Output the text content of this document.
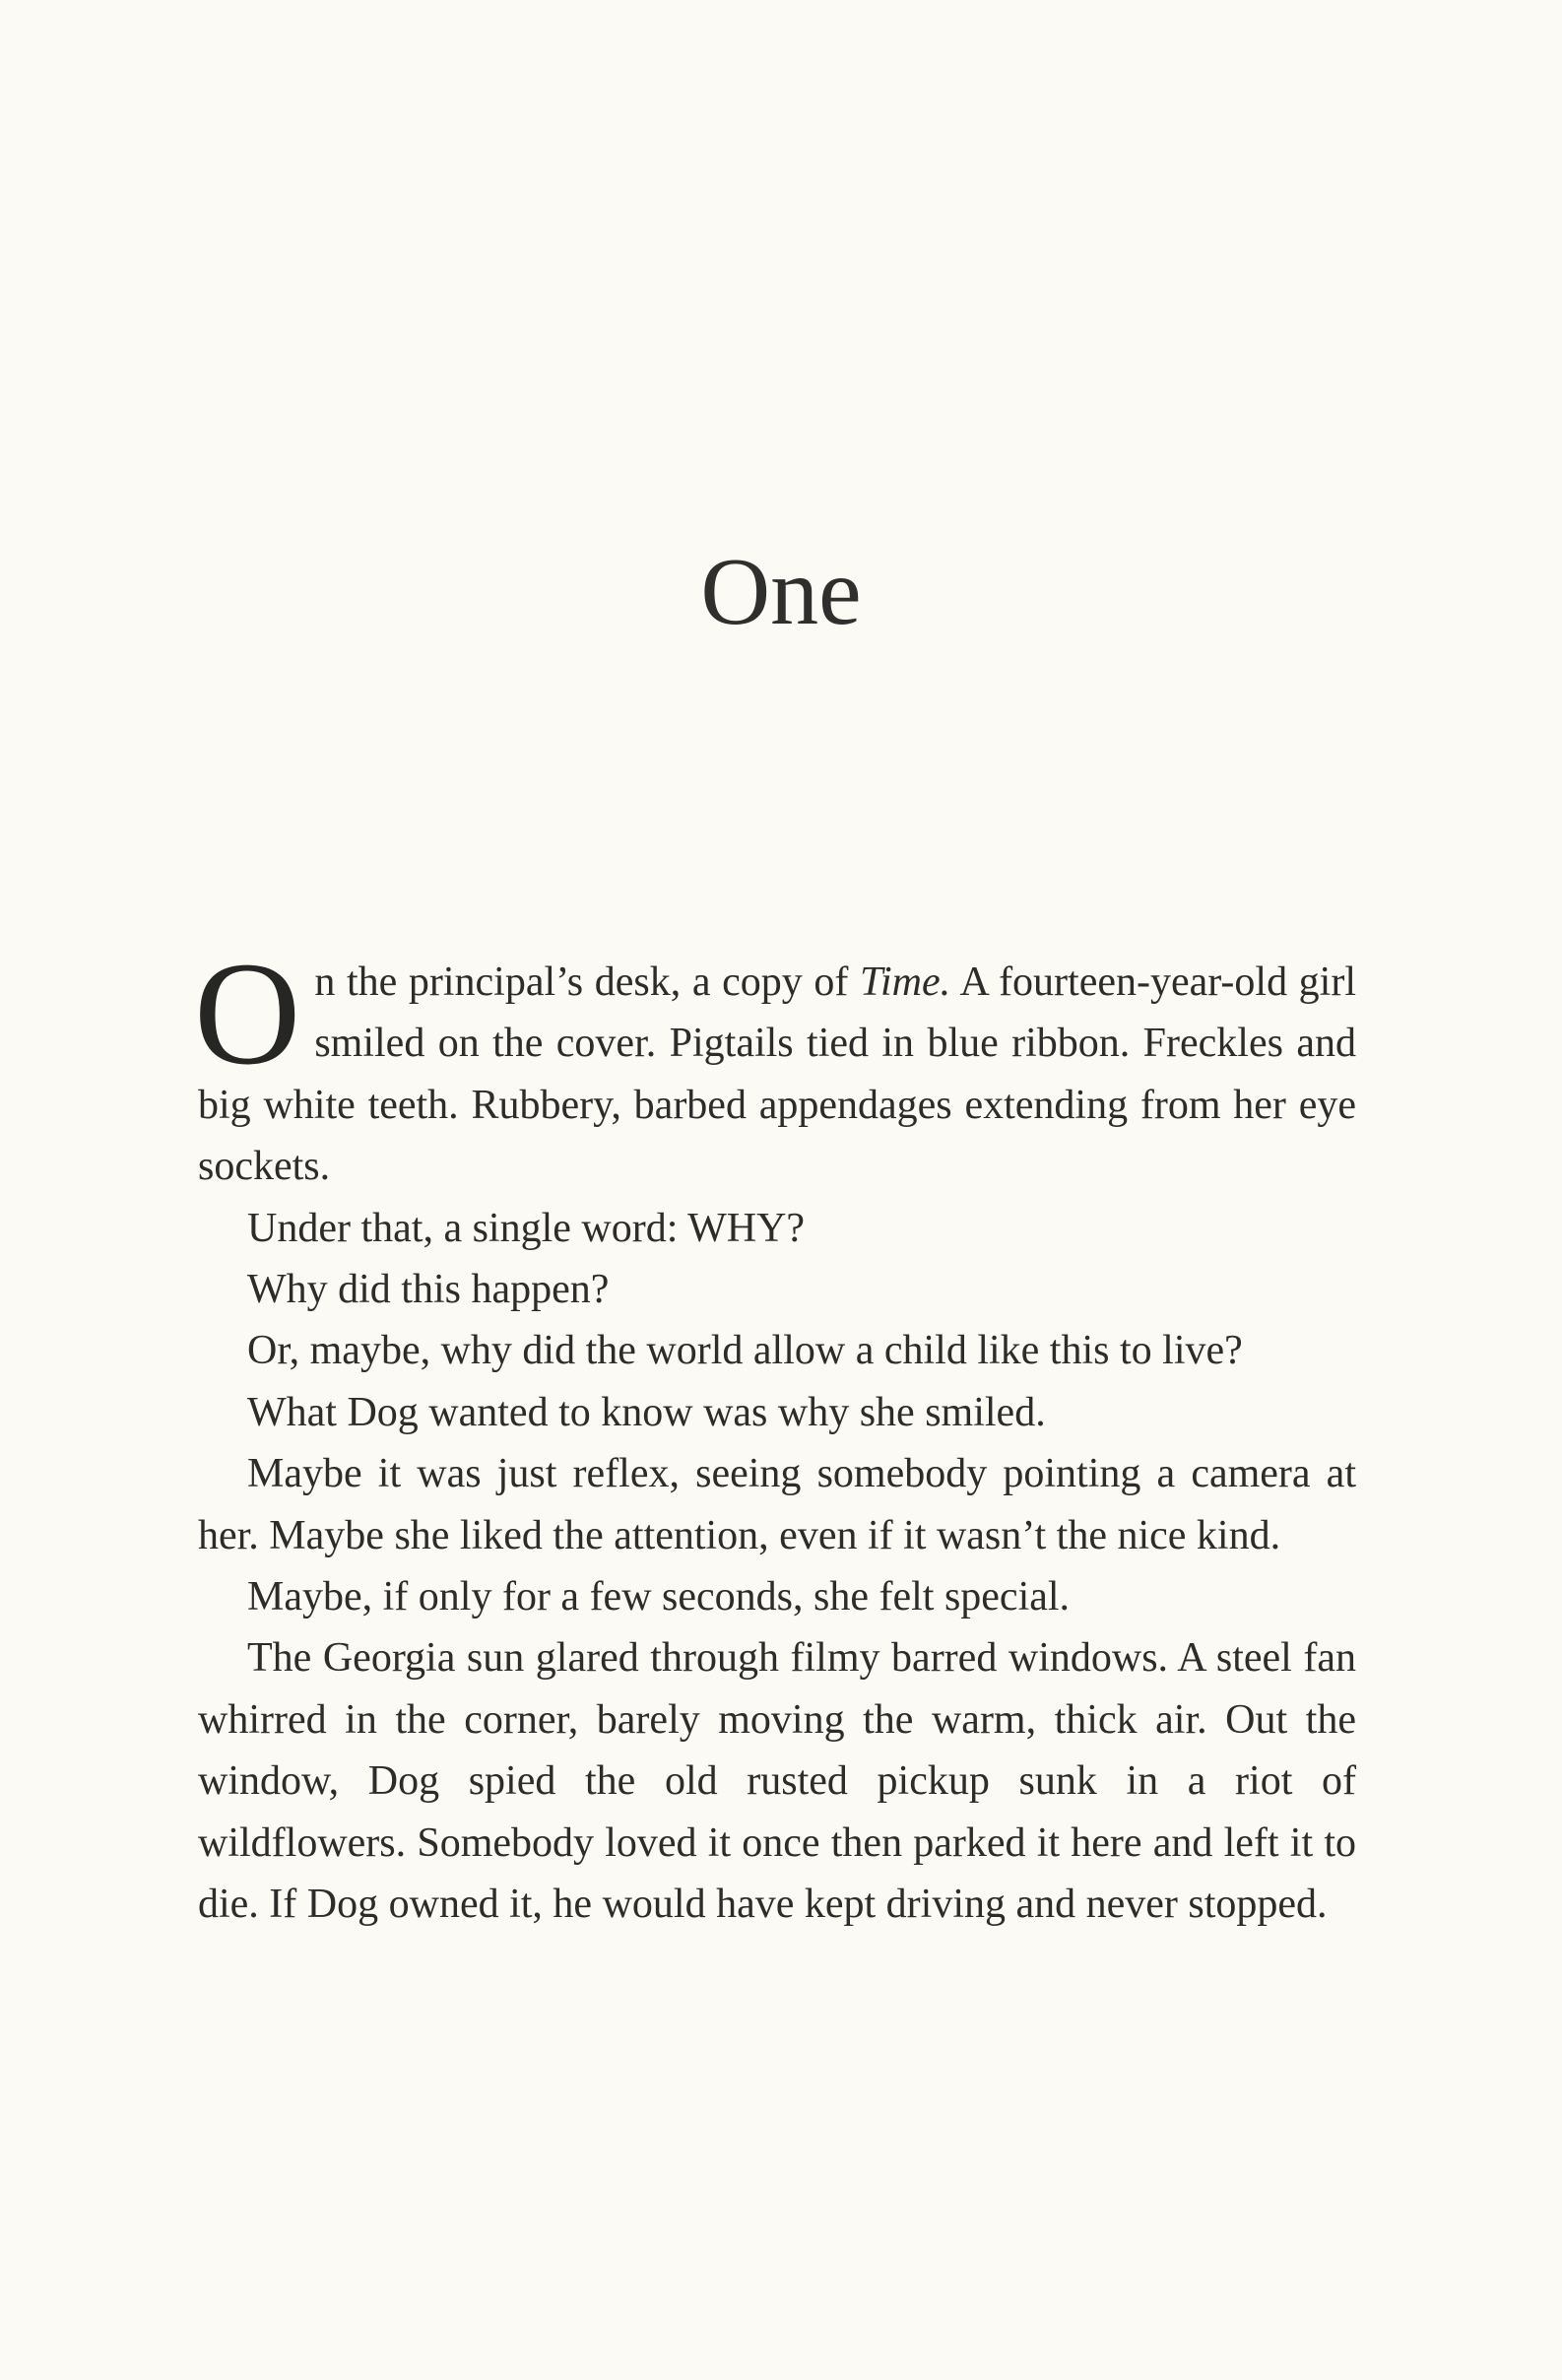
One

On the principal’s desk, a copy of Time. A fourteen-year-old girl smiled on the cover. Pigtails tied in blue ribbon. Freckles and big white teeth. Rubbery, barbed appendages extending from her eye sockets.

Under that, a single word: WHY?

Why did this happen?

Or, maybe, why did the world allow a child like this to live?

What Dog wanted to know was why she smiled.

Maybe it was just reflex, seeing somebody pointing a camera at her. Maybe she liked the attention, even if it wasn’t the nice kind.

Maybe, if only for a few seconds, she felt special.

The Georgia sun glared through filmy barred windows. A steel fan whirred in the corner, barely moving the warm, thick air. Out the window, Dog spied the old rusted pickup sunk in a riot of wildflowers. Somebody loved it once then parked it here and left it to die. If Dog owned it, he would have kept driving and never stopped.
